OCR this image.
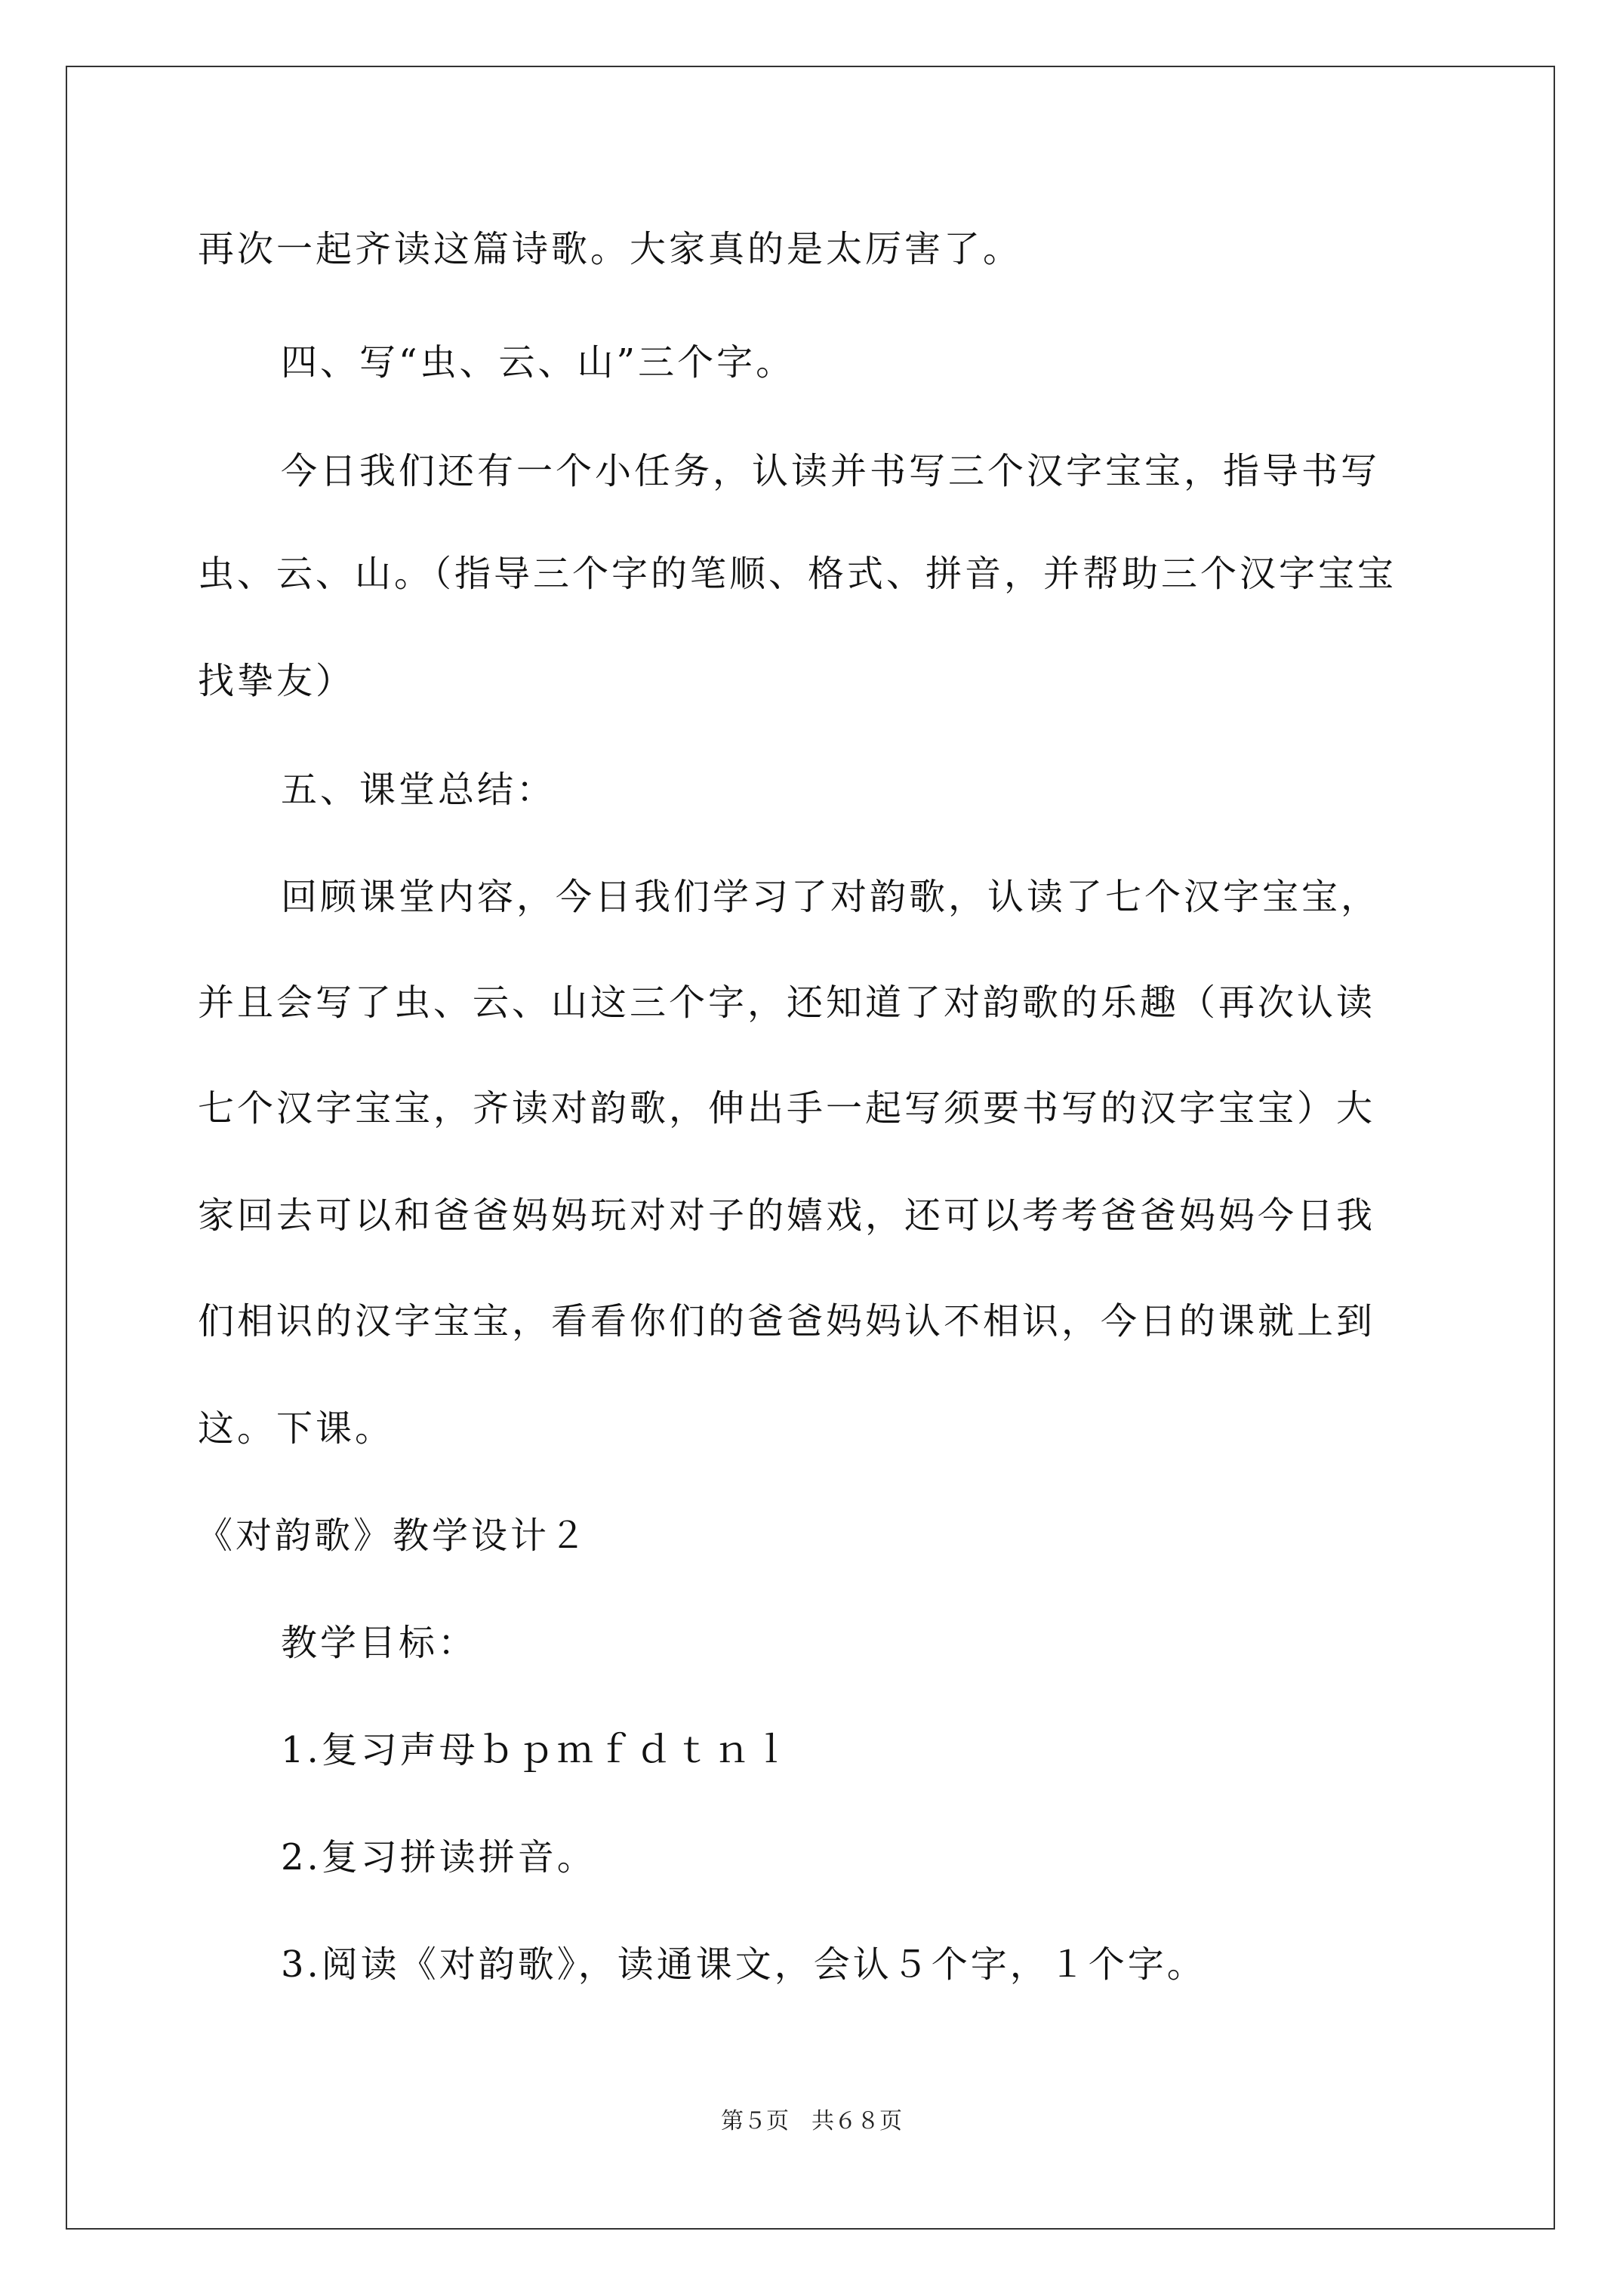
再次一起齐读这篇诗歌。大家真的是太厉害了。
四、写“虫、云、山”三个字。
今日我们还有一个小任务，认读并书写三个汉字宝宝，指导书写
虫、云、山。（指导三个字的笔顺、格式、拼音，并帮助三个汉字宝宝
找挚友）
五、课堂总结：
回顾课堂内容，今日我们学习了对韵歌，认读了七个汉字宝宝，
并且会写了虫、云、山这三个字，还知道了对韵歌的乐趣（再次认读
七个汉字宝宝，齐读对韵歌，伸出手一起写须要书写的汉字宝宝）大
家回去可以和爸爸妈妈玩对对子的嬉戏，还可以考考爸爸妈妈今日我
们相识的汉字宝宝，看看你们的爸爸妈妈认不相识，今日的课就上到
这。下课。
《对韵歌》教学设计２
教学目标：
1.复习声母ｂｐｍｆｄｔｎｌ
2.复习拼读拼音。
3.阅读《对韵歌》，读通课文，会认５个字，１个字。
第５页　共６８页
